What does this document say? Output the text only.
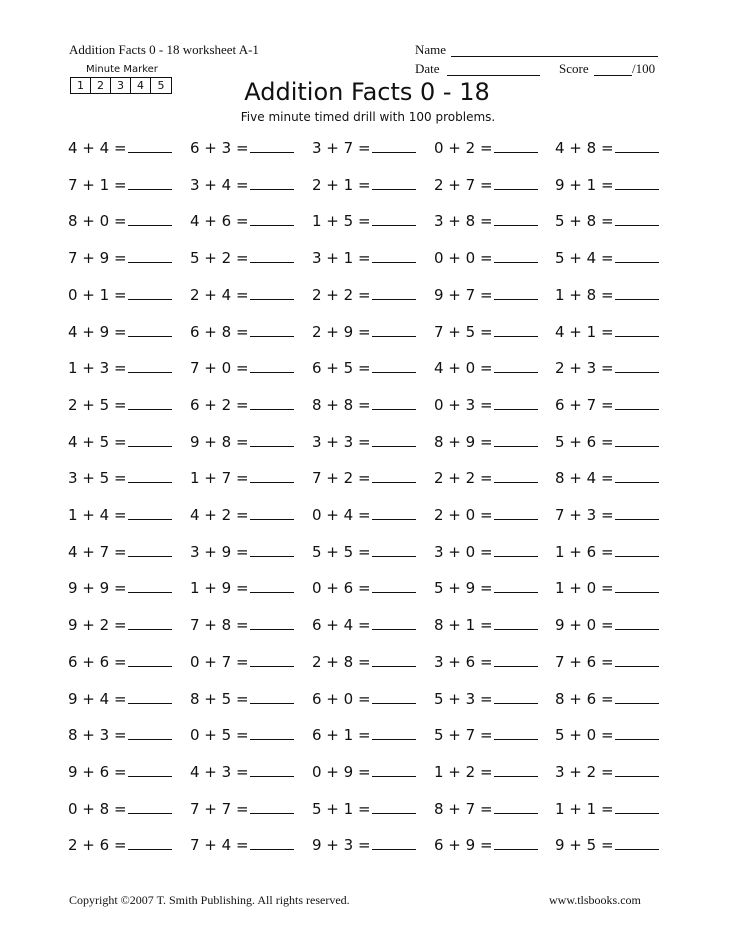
Addition Facts 0 - 18 worksheet A-1	Name
Date	Score	/100
Minute Marker
1	2	3	4	5	Addition Facts 0 - 18
Five minute timed drill with 100 problems.
4 + 4 =	6 + 3 =	3 + 7 =	0 + 2 =	4 + 8 =
7 + 1 =	3 + 4 =	2 + 1 =	2 + 7 =	9 + 1 =
8 + 0 =	4 + 6 =	1 + 5 =	3 + 8 =	5 + 8 =
7 + 9 =	5 + 2 =	3 + 1 =	0 + 0 =	5 + 4 =
0 + 1 =	2 + 4 =	2 + 2 =	9 + 7 =	1 + 8 =
4 + 9 =	6 + 8 =	2 + 9 =	7 + 5 =	4 + 1 =
1 + 3 =	7 + 0 =	6 + 5 =	4 + 0 =	2 + 3 =
2 + 5 =	6 + 2 =	8 + 8 =	0 + 3 =	6 + 7 =
4 + 5 =	9 + 8 =	3 + 3 =	8 + 9 =	5 + 6 =
3 + 5 =	1 + 7 =	7 + 2 =	2 + 2 =	8 + 4 =
1 + 4 =	4 + 2 =	0 + 4 =	2 + 0 =	7 + 3 =
4 + 7 =	3 + 9 =	5 + 5 =	3 + 0 =	1 + 6 =
9 + 9 =	1 + 9 =	0 + 6 =	5 + 9 =	1 + 0 =
9 + 2 =	7 + 8 =	6 + 4 =	8 + 1 =	9 + 0 =
6 + 6 =	0 + 7 =	2 + 8 =	3 + 6 =	7 + 6 =
9 + 4 =	8 + 5 =	6 + 0 =	5 + 3 =	8 + 6 =
8 + 3 =	0 + 5 =	6 + 1 =	5 + 7 =	5 + 0 =
9 + 6 =	4 + 3 =	0 + 9 =	1 + 2 =	3 + 2 =
0 + 8 =	7 + 7 =	5 + 1 =	8 + 7 =	1 + 1 =
2 + 6 =	7 + 4 =	9 + 3 =	6 + 9 =	9 + 5 =
Copyright ©2007 T. Smith Publishing. All rights reserved.	www.tlsbooks.com
